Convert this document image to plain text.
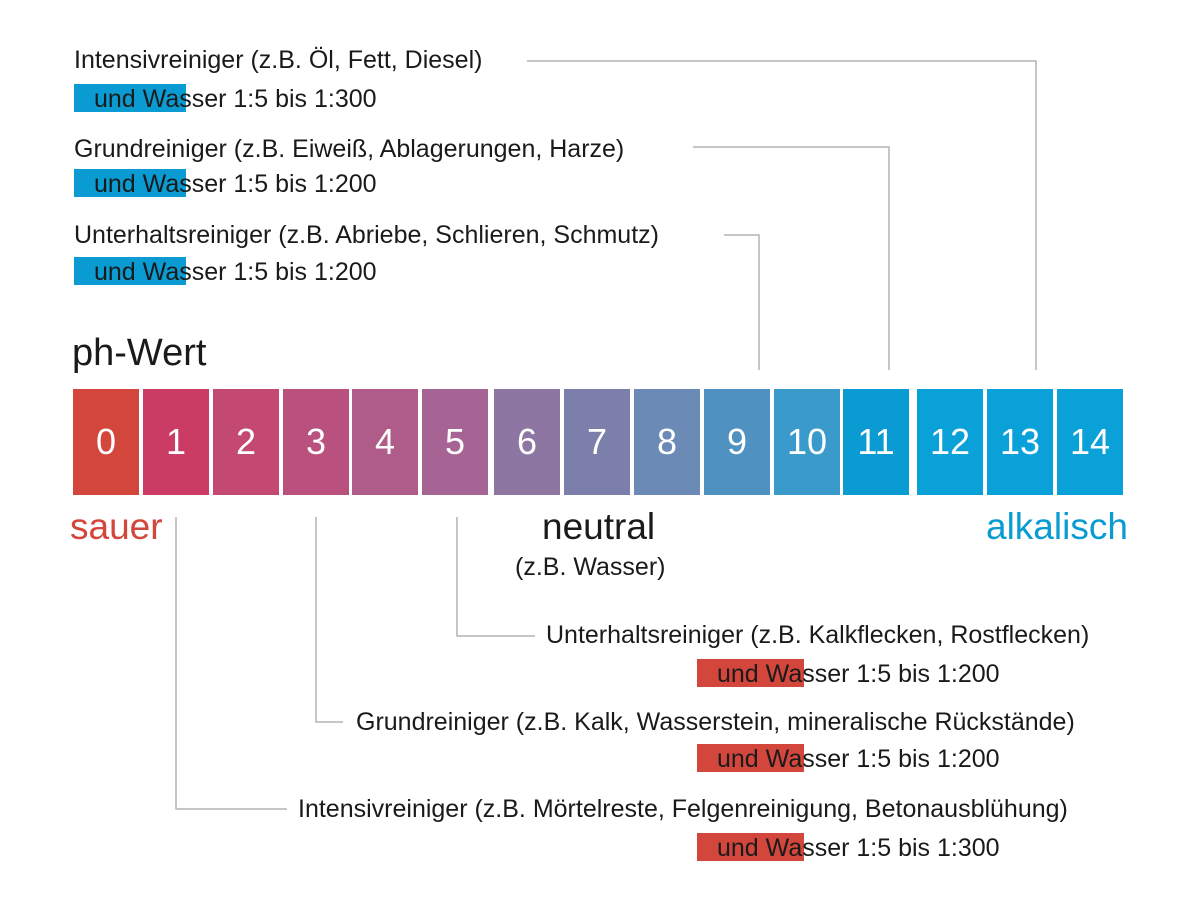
Intensivreiniger (z.B. Öl, Fett, Diesel)
und Wasser 1:5 bis 1:300
Grundreiniger (z.B. Eiweiß, Ablagerungen, Harze)
und Wasser 1:5 bis 1:200
Unterhaltsreiniger (z.B. Abriebe, Schlieren, Schmutz)
und Wasser 1:5 bis 1:200
ph-Wert
0 1 2 3 4 5 6 7 8 9 10 11 12 13 14
sauer	neutral
(z.B. Wasser)
alkalisch
Unterhaltsreiniger (z.B. Kalkflecken, Rostflecken)
und Wasser 1:5 bis 1:200
Grundreiniger (z.B. Kalk, Wasserstein, mineralische Rückstände)
und Wasser 1:5 bis 1:200
Intensivreiniger (z.B. Mörtelreste, Felgenreinigung, Betonausblühung)
und Wasser 1:5 bis 1:300
